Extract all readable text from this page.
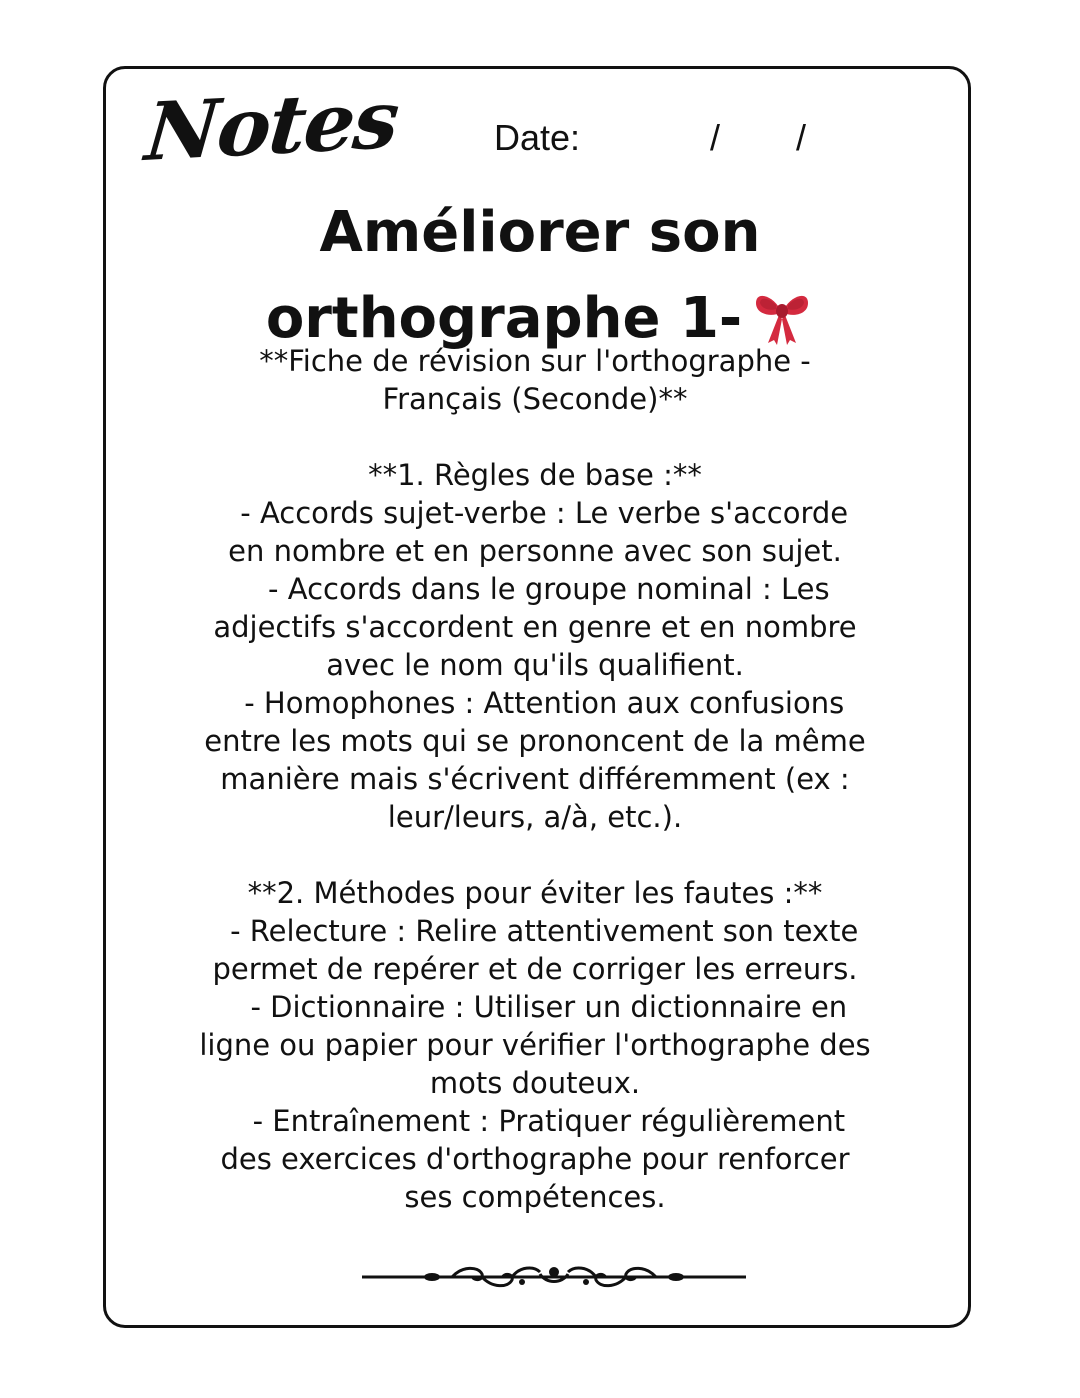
Notes	Date:	/ /
Améliorer son
orthographe 1-
**Fiche de révision sur l'orthographe -
Français (Seconde)**
**1. Règles de base :**
- Accords sujet-verbe : Le verbe s'accorde
en nombre et en personne avec son sujet.
- Accords dans le groupe nominal : Les
adjectifs s'accordent en genre et en nombre
avec le nom qu'ils qualifient.
- Homophones : Attention aux confusions
entre les mots qui se prononcent de la même
manière mais s'écrivent différemment (ex :
leur/leurs, a/à, etc.).
**2. Méthodes pour éviter les fautes :**
- Relecture : Relire attentivement son texte
permet de repérer et de corriger les erreurs.
- Dictionnaire : Utiliser un dictionnaire en
ligne ou papier pour vérifier l'orthographe des
mots douteux.
- Entraînement : Pratiquer régulièrement
des exercices d'orthographe pour renforcer
ses compétences.
